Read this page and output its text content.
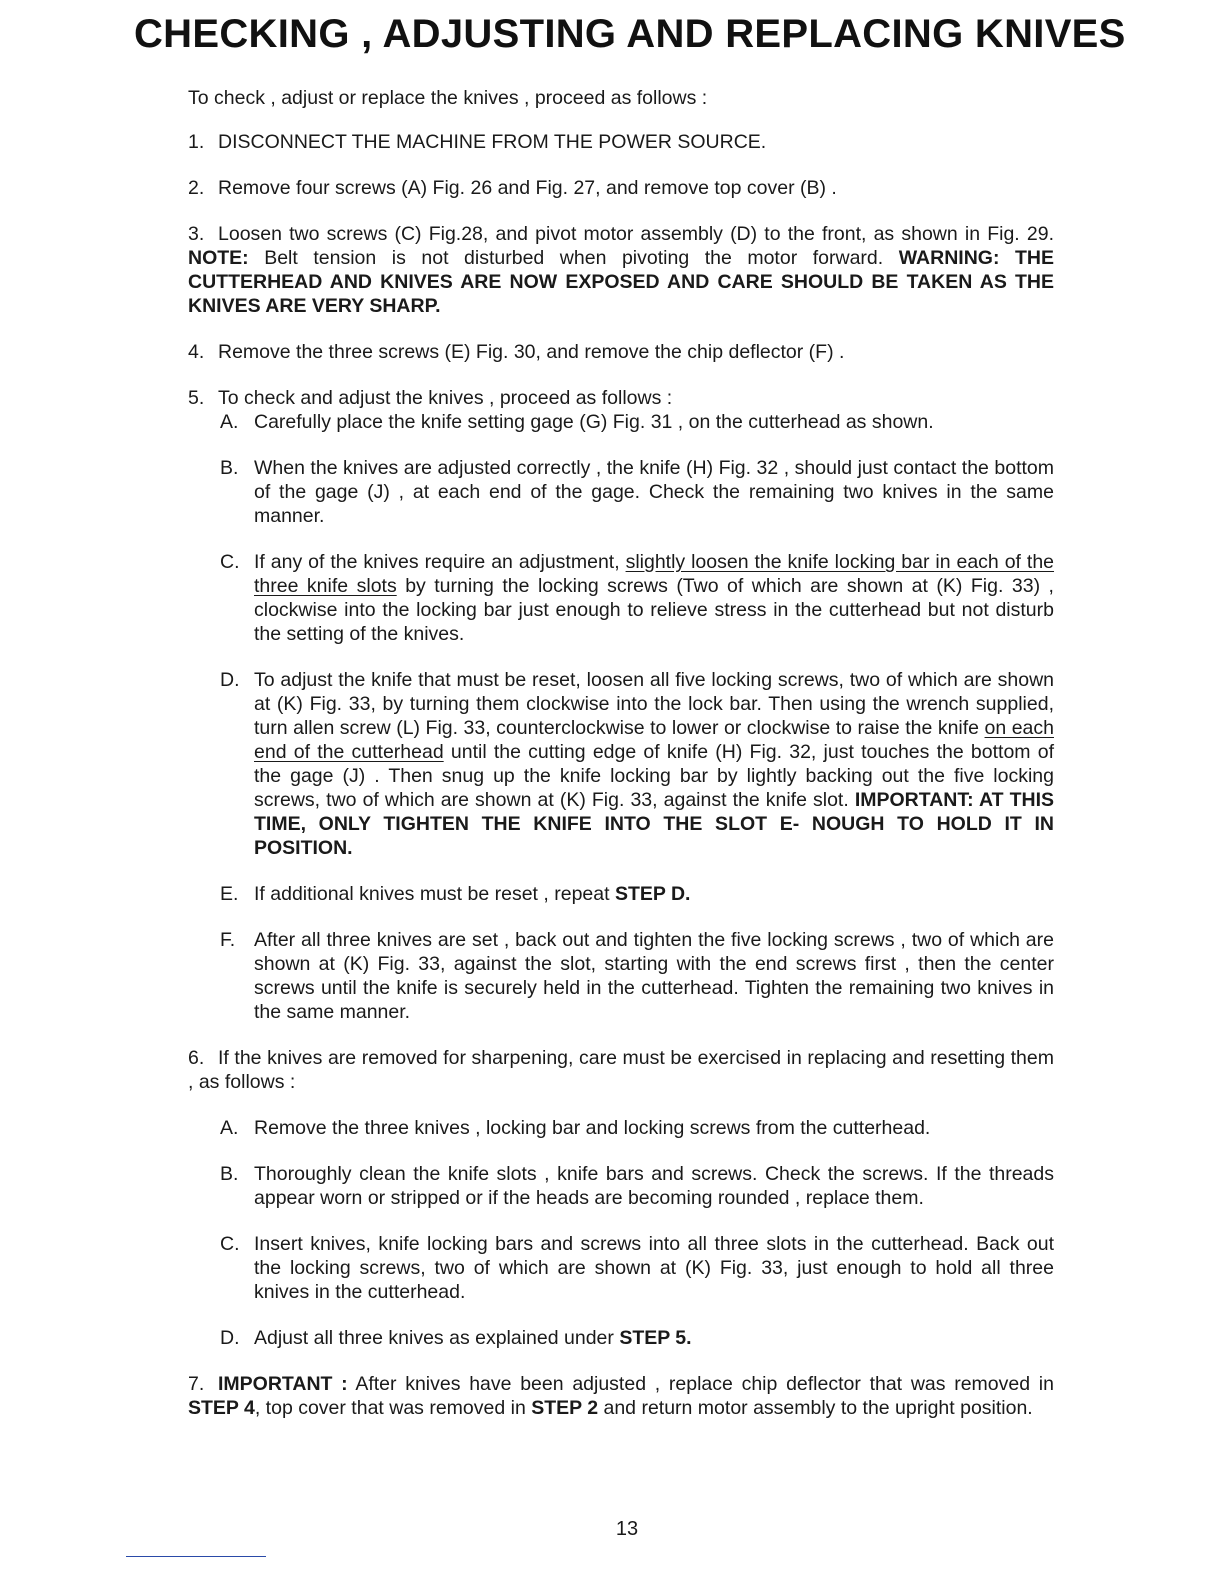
CHECKING , ADJUSTING AND REPLACING KNIVES

To check , adjust or replace the knives , proceed as follows :

1. DISCONNECT THE MACHINE FROM THE POWER SOURCE.

2. Remove four screws (A) Fig. 26 and Fig. 27, and remove top cover (B) .

3. Loosen two screws (C) Fig.28, and pivot motor assembly (D) to the front, as shown in Fig. 29. NOTE: Belt tension is not disturbed when pivoting the motor forward. WARNING: THE CUTTERHEAD AND KNIVES ARE NOW EXPOSED AND CARE SHOULD BE TAKEN AS THE KNIVES ARE VERY SHARP.

4. Remove the three screws (E) Fig. 30, and remove the chip deflector (F) .

5. To check and adjust the knives , proceed as follows :

A. Carefully place the knife setting gage (G) Fig. 31 , on the cutterhead as shown.

B. When the knives are adjusted correctly , the knife (H) Fig. 32 , should just contact the bottom of the gage (J) , at each end of the gage. Check the remaining two knives in the same manner.

C. If any of the knives require an adjustment, slightly loosen the knife locking bar in each of the three knife slots by turning the locking screws (Two of which are shown at (K) Fig. 33) , clockwise into the locking bar just enough to relieve stress in the cutterhead but not disturb the setting of the knives.

D. To adjust the knife that must be reset, loosen all five locking screws, two of which are shown at (K) Fig. 33, by turning them clockwise into the lock bar. Then using the wrench supplied, turn allen screw (L) Fig. 33, counterclockwise to lower or clockwise to raise the knife on each end of the cutterhead until the cutting edge of knife (H) Fig. 32, just touches the bottom of the gage (J) . Then snug up the knife locking bar by lightly backing out the five locking screws, two of which are shown at (K) Fig. 33, against the knife slot. IMPORTANT: AT THIS TIME, ONLY TIGHTEN THE KNIFE INTO THE SLOT E- NOUGH TO HOLD IT IN POSITION.

E. If additional knives must be reset , repeat STEP D.

F. After all three knives are set , back out and tighten the five locking screws , two of which are shown at (K) Fig. 33, against the slot, starting with the end screws first , then the center screws until the knife is securely held in the cutterhead. Tighten the remaining two knives in the same manner.

6. If the knives are removed for sharpening, care must be exercised in replacing and resetting them , as follows :

A. Remove the three knives , locking bar and locking screws from the cutterhead.

B. Thoroughly clean the knife slots , knife bars and screws. Check the screws. If the threads appear worn or stripped or if the heads are becoming rounded , replace them.

C. Insert knives, knife locking bars and screws into all three slots in the cutterhead. Back out the locking screws, two of which are shown at (K) Fig. 33, just enough to hold all three knives in the cutterhead.

D. Adjust all three knives as explained under STEP 5.

7. IMPORTANT : After knives have been adjusted , replace chip deflector that was removed in STEP 4, top cover that was removed in STEP 2 and return motor assembly to the upright position.

13
